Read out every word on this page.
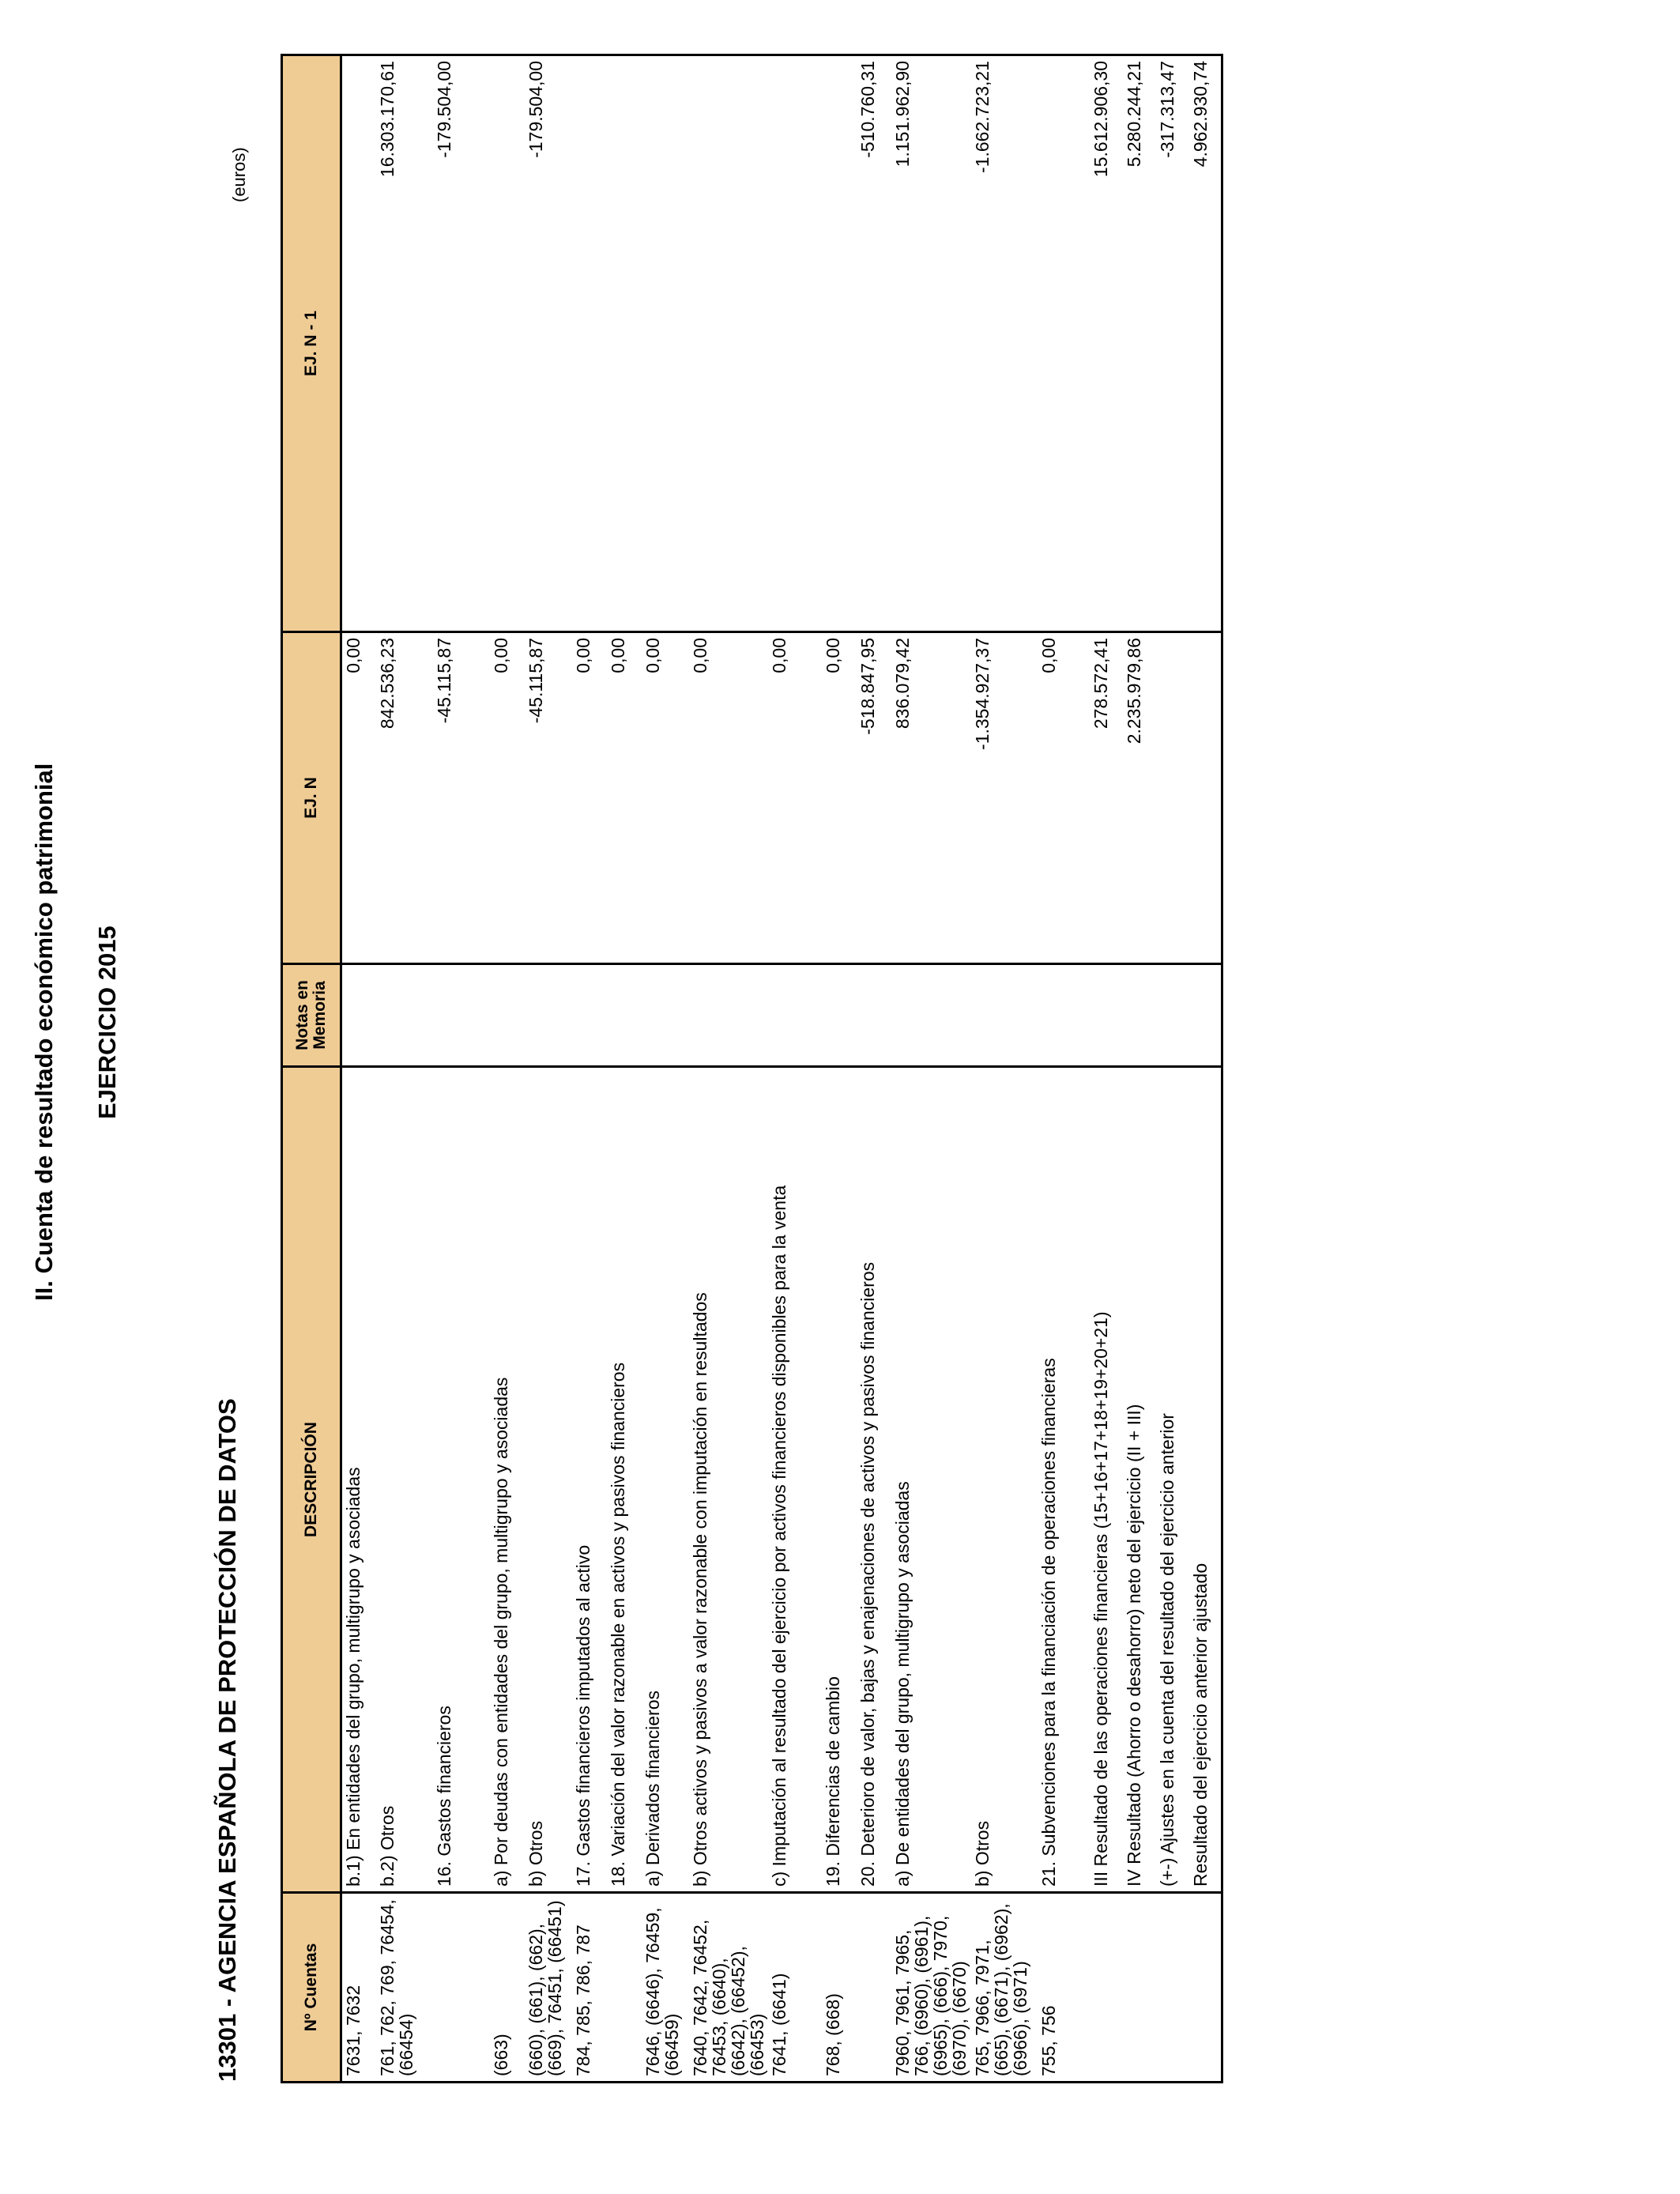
II. Cuenta de resultado económico patrimonial EJERCICIO 2015
13301 - AGENCIA ESPAÑOLA DE PROTECCIÓN DE DATOS
(euros)
Nº Cuentas	DESCRIPCIÓN	Notas en Memoria	EJ. N	EJ. N - 1
7631, 7632	b.1) En entidades del grupo, multigrupo y asociadas		0,00	
761, 762, 769, 76454, (66454)	b.2) Otros		842.536,23	16.303.170,61
	16. Gastos financieros		-45.115,87	-179.504,00
(663)	a) Por deudas con entidades del grupo, multigrupo y asociadas		0,00	
(660), (661), (662), (669), 76451, (66451)	b) Otros		-45.115,87	-179.504,00
784, 785, 786, 787	17. Gastos financieros imputados al activo		0,00	
	18. Variación del valor razonable en activos y pasivos financieros		0,00	
7646, (6646), 76459, (66459)	a) Derivados financieros		0,00	
7640, 7642, 76452, 76453, (6640), (6642), (66452), (66453)	b) Otros activos y pasivos a valor razonable con imputación en resultados		0,00	
7641, (6641)	c) Imputación al resultado del ejercicio por activos financieros disponibles para la venta		0,00	
768, (668)	19. Diferencias de cambio		0,00	
	20. Deterioro de valor, bajas y enajenaciones de activos y pasivos financieros		-518.847,95	-510.760,31
7960, 7961, 7965, 766, (6960), (6961), (6965), (666), 7970, (6970), (6670)	a) De entidades del grupo, multigrupo y asociadas		836.079,42	1.151.962,90
765, 7966, 7971, (665), (6671), (6962), (6966), (6971)	b) Otros		-1.354.927,37	-1.662.723,21
755, 756	21. Subvenciones para la financiación de operaciones financieras		0,00	
	III Resultado de las operaciones financieras (15+16+17+18+19+20+21)		278.572,41	15.612.906,30
	IV Resultado (Ahorro o desahorro) neto del ejercicio (II + III)		2.235.979,86	5.280.244,21
	(+-) Ajustes en la cuenta del resultado del ejercicio anterior			-317.313,47
	Resultado del ejercicio anterior ajustado			4.962.930,74
